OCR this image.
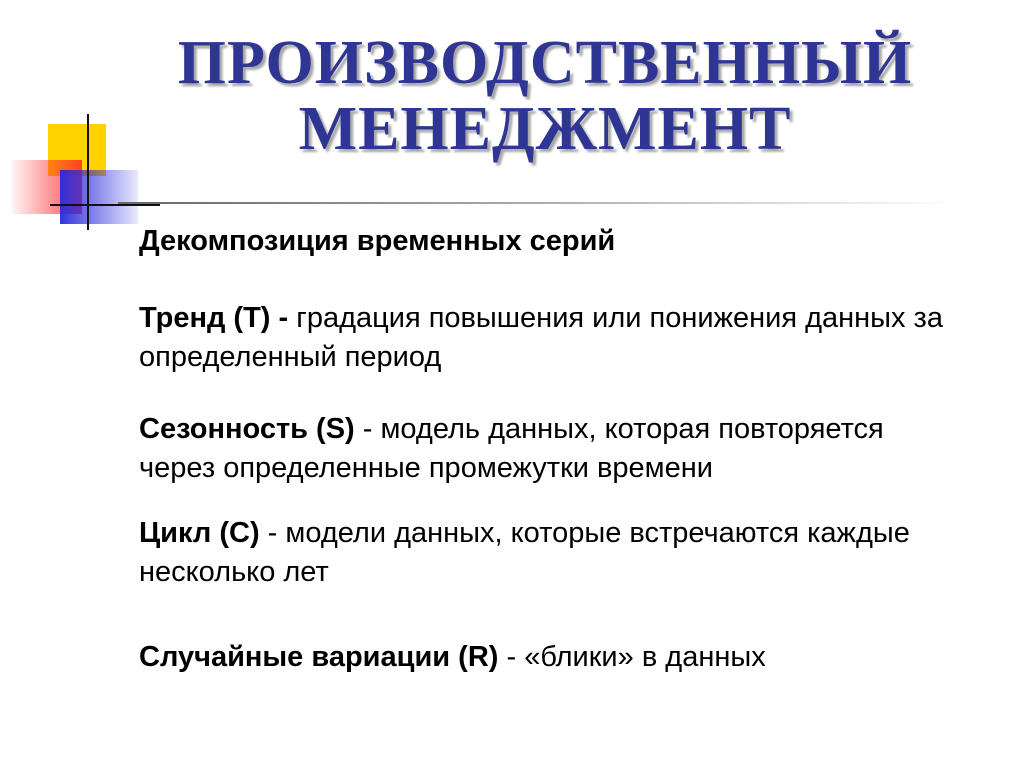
ПРОИЗВОДСТВЕННЫЙ
МЕНЕДЖМЕНТ

Декомпозиция временных серий

Тренд (T) - градация повышения или понижения данных за определенный период

Сезонность (S) - модель данных, которая повторяется через определенные промежутки времени

Цикл (C) - модели данных, которые встречаются каждые несколько лет

Случайные вариации (R) - «блики» в данных
